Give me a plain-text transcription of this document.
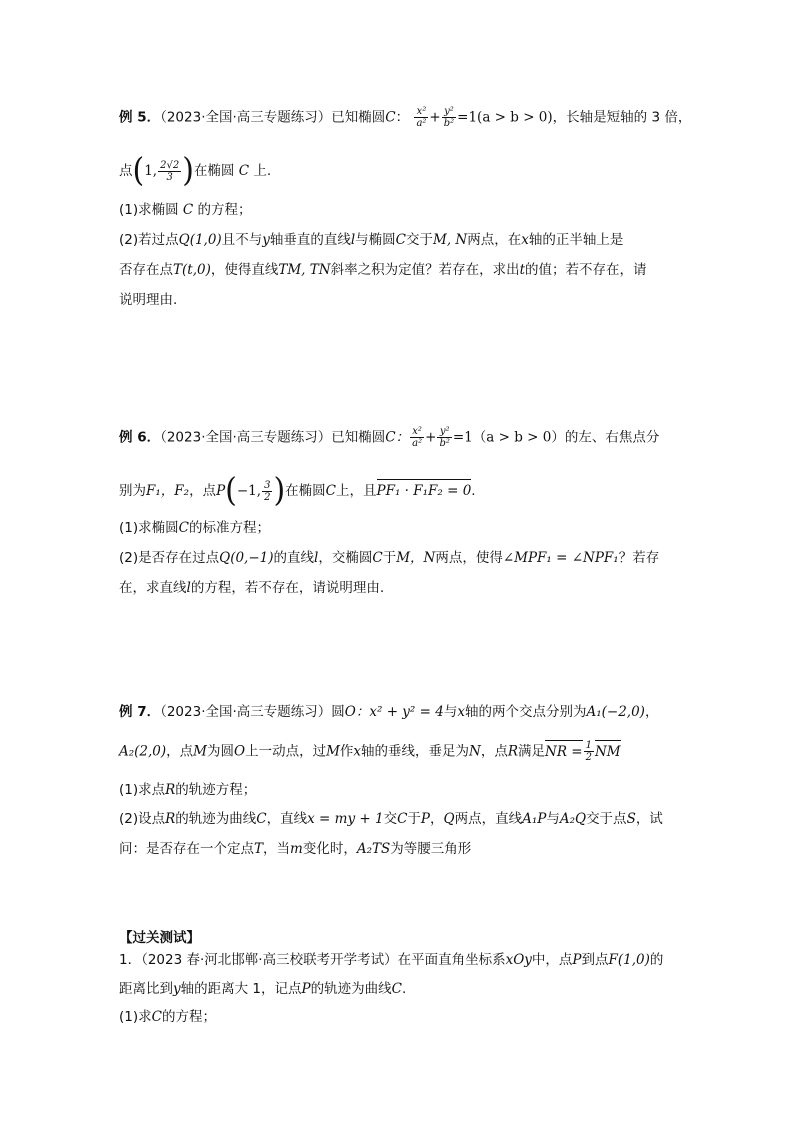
例 5．（2023·全国·高三专题练习）已知椭圆C： $\frac{\text{x²}}{\text{a²}} + \frac{\text{y²}}{\text{b²}} =1(a > b > 0)$，长轴是短轴的 3 倍，
点(1, $\frac{2√2}{3}$ )在椭圆 C 上.
(1)求椭圆 C 的方程；
(2)若过点Q(1,0)且不与y轴垂直的直线l与椭圆C交于M, N两点，在x轴的正半轴上是
否存在点T(t,0)，使得直线TM, TN斜率之积为定值？若存在，求出t的值；若不存在，请
说明理由.
例 6．（2023·全国·高三专题练习）已知椭圆C： $\frac{\text{x²}}{\text{a²}} + \frac{\text{y²}}{\text{b²}} =1(a > b > 0)$的左、右焦点分
别为F₁，F₂，点P(−1, $\frac{3}{2}$ )在椭圆C上，且PF₁ · F₁F₂ = 0.
(1)求椭圆C的标准方程；
(2)是否存在过点Q(0,−1)的直线l，交椭圆C于M，N两点，使得∠MPF₁ = ∠NPF₁？若存
在，求直线l的方程，若不存在，请说明理由.
例 7．（2023·全国·高三专题练习）圆O：x² + y² = 4与x轴的两个交点分别为A₁(−2,0)，
A₂(2,0)，点M为圆O上一动点，过M作x轴的垂线，垂足为N，点R满足NR = $\frac{1}{2}$ NM
(1)求点R的轨迹方程；
(2)设点R的轨迹为曲线C，直线x = my + 1交C于P，Q两点，直线A₁P与A₂Q交于点S，试
问：是否存在一个定点T，当m变化时，A₂TS为等腰三角形
【过关测试】
1．（2023 春·河北邯郸·高三校联考开学考试）在平面直角坐标系xOy中，点P到点F(1,0)的
距离比到y轴的距离大 1，记点P的轨迹为曲线C.
(1)求C的方程；
